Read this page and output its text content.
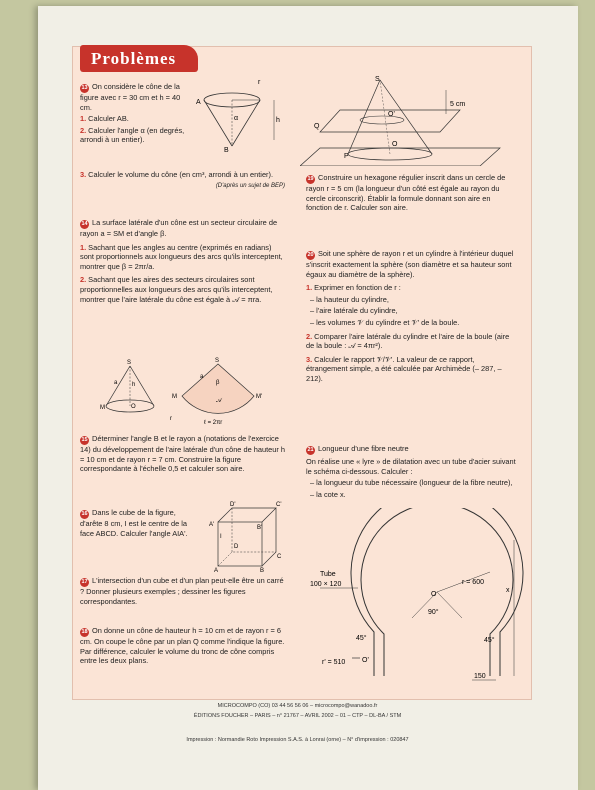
Problèmes

13 On considère le cône de la figure avec r = 30 cm et h = 40 cm.

1. Calculer AB.

2. Calculer l'angle α (en degrés, arrondi à un entier).

3. Calculer le volume du cône (en cm³, arrondi à un entier).

(D'après un sujet de BEP)

r
A
B
α	h

14 La surface latérale d'un cône est un secteur circulaire de rayon a = SM et d'angle β.

1. Sachant que les angles au centre (exprimés en radians) sont proportionnels aux longueurs des arcs qu'ils interceptent, montrer que β = 2πr/a.

2. Sachant que les aires des secteurs circulaires sont proportionnelles aux longueurs des arcs qu'ils interceptent, montrer que l'aire latérale du cône est égale à 𝒜 = πra.

S
a h
M	O
r
S
a
β
𝒜
M	M'
ℓ = 2πr

15 Déterminer l'angle B et le rayon a (notations de l'exercice 14) du développement de l'aire latérale d'un cône de hauteur h = 10 cm et de rayon r = 7 cm. Construire la figure correspondante à l'échelle 0,5 et calculer son aire.

16 Dans le cube de la figure, d'arête 8 cm, I est le centre de la face ABCD. Calculer l'angle AIA'.

D'	C'
A'	B'
I
D
C
A	B

17 L'intersection d'un cube et d'un plan peut-elle être un carré ? Donner plusieurs exemples ; dessiner les figures correspondantes.

18 On donne un cône de hauteur h = 10 cm et de rayon r = 6 cm. On coupe le cône par un plan Q comme l'indique la figure. Par différence, calculer le volume du tronc de cône compris entre les deux plans.

S
Q
O'
O
P
5 cm

19 Construire un hexagone régulier inscrit dans un cercle de rayon r = 5 cm (la longueur d'un côté est égale au rayon du cercle circonscrit). Établir la formule donnant son aire en fonction de r. Calculer son aire.

20 Soit une sphère de rayon r et un cylindre à l'intérieur duquel s'inscrit exactement la sphère (son diamètre et sa hauteur sont égaux au diamètre de la sphère).

1. Exprimer en fonction de r :

– la hauteur du cylindre,

– l'aire latérale du cylindre,

– les volumes 𝒱 du cylindre et 𝒱' de la boule.

2. Comparer l'aire latérale du cylindre et l'aire de la boule (aire de la boule : 𝒜 = 4πr²).

3. Calculer le rapport 𝒱/𝒱'. La valeur de ce rapport, étrangement simple, a été calculée par Archimède (– 287, – 212).

21 Longueur d'une fibre neutre

On réalise une « lyre » de dilatation avec un tube d'acier suivant le schéma ci-dessous. Calculer :

– la longueur du tube nécessaire (longueur de la fibre neutre),

– la cote x.

Tube
100 × 120	r = 600
90°
O
x
45°	45°
r' = 510 O'
150
MICROCOMPO (CO) 03 44 56 56 06 – microcompo@wanadoo.fr
ÉDITIONS FOUCHER – PARIS – n° 21767 – AVRIL 2002 – 01 – CTP – DL-BA / STM
Impression : Normandie Roto Impression S.A.S. à Lonrai (orne) – N° d'impression : 020847
